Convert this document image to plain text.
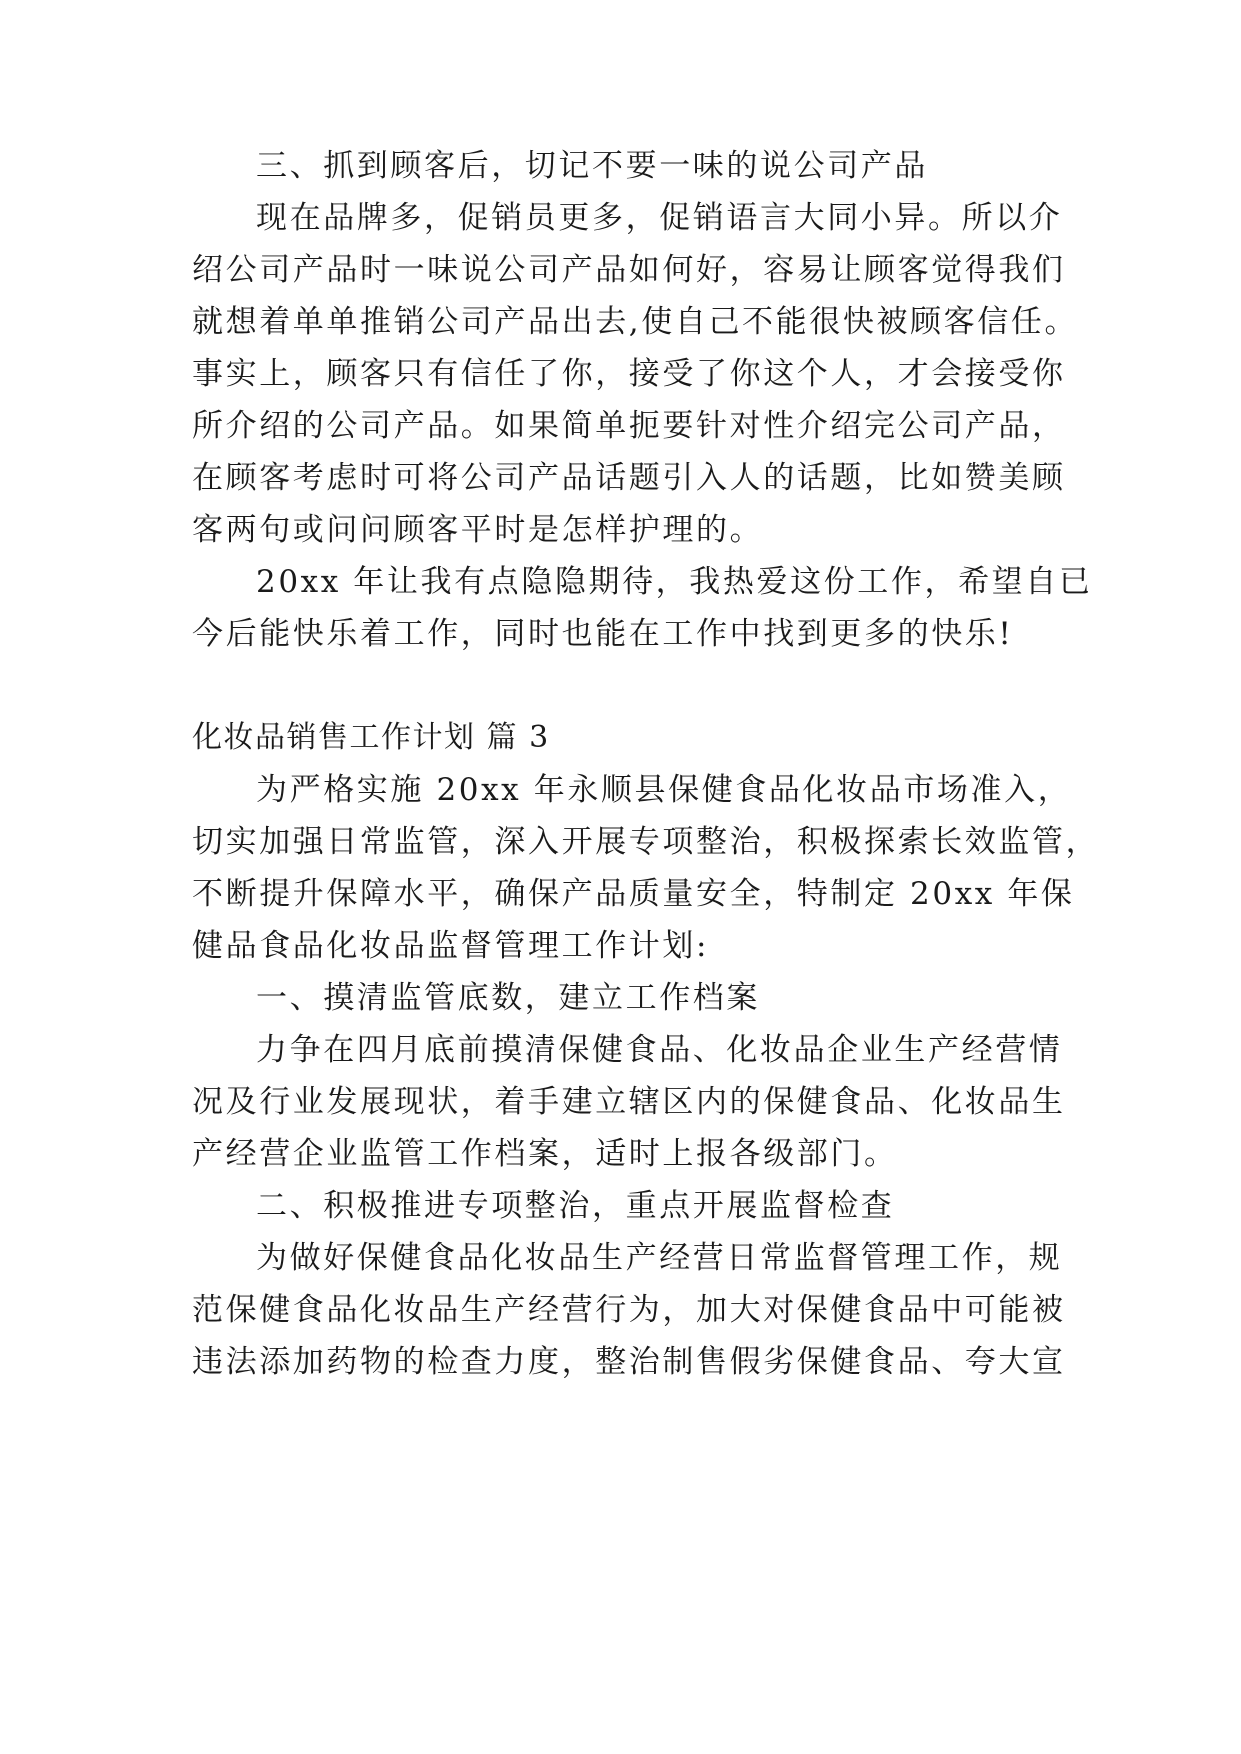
三、抓到顾客后，切记不要一味的说公司产品
现在品牌多，促销员更多，促销语言大同小异。所以介
绍公司产品时一味说公司产品如何好，容易让顾客觉得我们
就想着单单推销公司产品出去,使自己不能很快被顾客信任。
事实上，顾客只有信任了你，接受了你这个人，才会接受你
所介绍的公司产品。如果简单扼要针对性介绍完公司产品，
在顾客考虑时可将公司产品话题引入人的话题，比如赞美顾
客两句或问问顾客平时是怎样护理的。
20xx 年让我有点隐隐期待，我热爱这份工作，希望自已
今后能快乐着工作，同时也能在工作中找到更多的快乐!
化妆品销售工作计划 篇 3
为严格实施 20xx 年永顺县保健食品化妆品市场准入，
切实加强日常监管，深入开展专项整治，积极探索长效监管，
不断提升保障水平，确保产品质量安全，特制定 20xx 年保
健品食品化妆品监督管理工作计划:
一、摸清监管底数，建立工作档案
力争在四月底前摸清保健食品、化妆品企业生产经营情
况及行业发展现状，着手建立辖区内的保健食品、化妆品生
产经营企业监管工作档案，适时上报各级部门。
二、积极推进专项整治，重点开展监督检查
为做好保健食品化妆品生产经营日常监督管理工作，规
范保健食品化妆品生产经营行为，加大对保健食品中可能被
违法添加药物的检查力度，整治制售假劣保健食品、夸大宣
